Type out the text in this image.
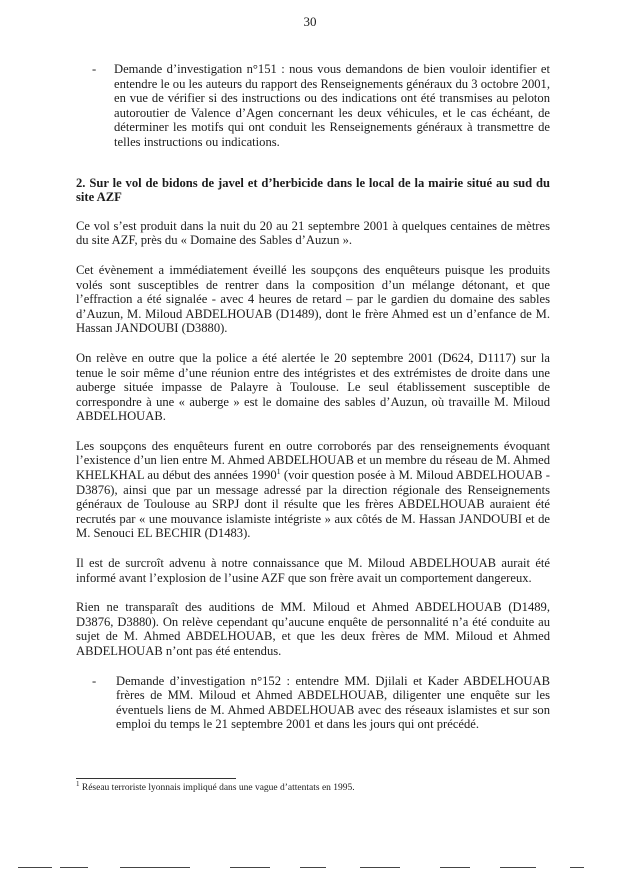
30

- Demande d’investigation n°151 : nous vous demandons de bien vouloir identifier et entendre le ou les auteurs du rapport des Renseignements généraux du 3 octobre 2001, en vue de vérifier si des instructions ou des indications ont été transmises au peloton autoroutier de Valence d’Agen concernant les deux véhicules, et le cas échéant, de déterminer les motifs qui ont conduit les Renseignements généraux à transmettre de telles instructions ou indications.

2. Sur le vol de bidons de javel et d’herbicide dans le local de la mairie situé au sud du site AZF

Ce vol s’est produit dans la nuit du 20 au 21 septembre 2001 à quelques centaines de mètres du site AZF, près du « Domaine des Sables d’Auzun ».

Cet évènement a immédiatement éveillé les soupçons des enquêteurs puisque les produits volés sont susceptibles de rentrer dans la composition d’un mélange détonant, et que l’effraction a été signalée - avec 4 heures de retard – par le gardien du domaine des sables d’Auzun, M. Miloud ABDELHOUAB (D1489), dont le frère Ahmed est un d’enfance de M. Hassan JANDOUBI (D3880).

On relève en outre que la police a été alertée le 20 septembre 2001 (D624, D1117) sur la tenue le soir même d’une réunion entre des intégristes et des extrémistes de droite dans une auberge située impasse de Palayre à Toulouse. Le seul établissement susceptible de correspondre à une « auberge » est le domaine des sables d’Auzun, où travaille M. Miloud ABDELHOUAB.

Les soupçons des enquêteurs furent en outre corroborés par des renseignements évoquant l’existence d’un lien entre M. Ahmed ABDELHOUAB et un membre du réseau de M. Ahmed KHELKHAL au début des années 1990$^1$ (voir question posée à M. Miloud ABDELHOUAB - D3876), ainsi que par un message adressé par la direction régionale des Renseignements généraux de Toulouse au SRPJ dont il résulte que les frères ABDELHOUAB auraient été recrutés par « une mouvance islamiste intégriste » aux côtés de M. Hassan JANDOUBI et de M. Senouci EL BECHIR (D1483).

Il est de surcroît advenu à notre connaissance que M. Miloud ABDELHOUAB aurait été informé avant l’explosion de l’usine AZF que son frère avait un comportement dangereux.

Rien ne transparaît des auditions de MM. Miloud et Ahmed ABDELHOUAB (D1489, D3876, D3880). On relève cependant qu’aucune enquête de personnalité n’a été conduite au sujet de M. Ahmed ABDELHOUAB, et que les deux frères de MM. Miloud et Ahmed ABDELHOUAB n’ont pas été entendus.

- Demande d’investigation n°152 : entendre MM. Djilali et Kader ABDELHOUAB frères de MM. Miloud et Ahmed ABDELHOUAB, diligenter une enquête sur les éventuels liens de M. Ahmed ABDELHOUAB avec des réseaux islamistes et sur son emploi du temps le 21 septembre 2001 et dans les jours qui ont précédé.

$^1$ Réseau terroriste lyonnais impliqué dans une vague d’attentats en 1995.
